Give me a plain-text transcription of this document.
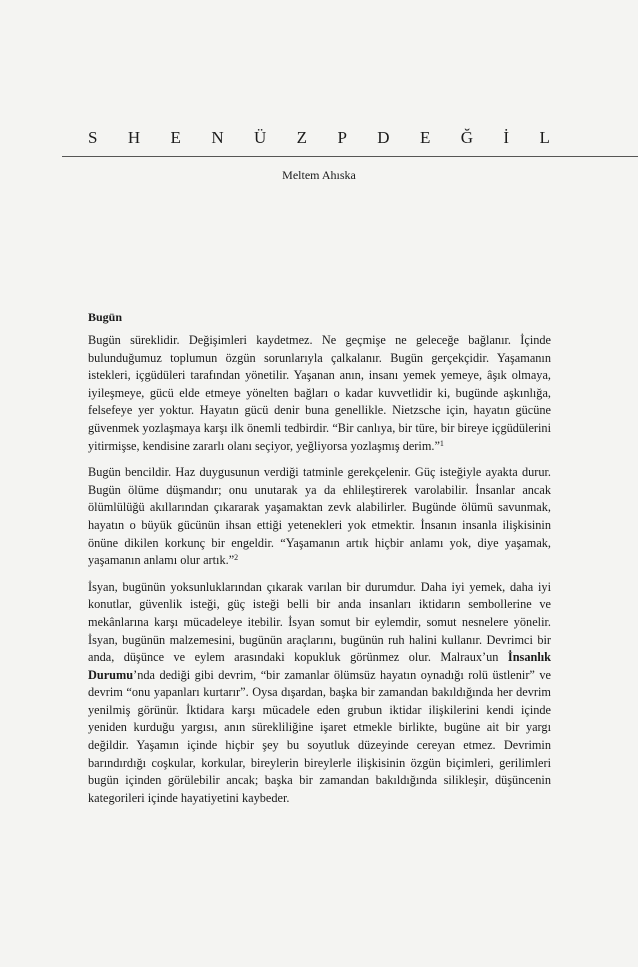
S H E N Ü Z P D E Ğ İ L
Meltem Ahıska
Bugün

Bugün süreklidir. Değişimleri kaydetmez. Ne geçmişe ne geleceğe bağlanır. İçinde bulunduğumuz toplumun özgün sorunlarıyla çalkalanır. Bugün gerçekçidir. Yaşamanın istekleri, içgüdüleri tarafından yönetilir. Yaşanan anın, insanı yemek yemeye, âşık olmaya, iyileşmeye, gücü elde etmeye yönelten bağları o kadar kuvvetlidir ki, bugünde aşkınlığa, felsefeye yer yoktur. Hayatın gücü denir buna genellikle. Nietzsche için, hayatın gücüne güvenmek yozlaşmaya karşı ilk önemli tedbirdir. “Bir canlıya, bir türe, bir bireye içgüdülerini yitirmişse, kendisine zararlı olanı seçiyor, yeğliyorsa yozlaşmış derim.”$^1$

Bugün bencildir. Haz duygusunun verdiği tatminle gerekçelenir. Güç isteğiyle ayakta durur. Bugün ölüme düşmandır; onu unutarak ya da ehlileştirerek varolabilir. İnsanlar ancak ölümlülüğü akıllarından çıkararak yaşamaktan zevk alabilirler. Bugünde ölümü savunmak, hayatın o büyük gücünün ihsan ettiği yetenekleri yok etmektir. İnsanın insanla ilişkisinin önüne dikilen korkunç bir engeldir. “Yaşamanın artık hiçbir anlamı yok, diye yaşamak, yaşamanın anlamı olur artık.”$^2$

İsyan, bugünün yoksunluklarından çıkarak varılan bir durumdur. Daha iyi yemek, daha iyi konutlar, güvenlik isteği, güç isteği belli bir anda insanları iktidarın sembollerine ve mekânlarına karşı mücadeleye itebilir. İsyan somut bir eylemdir, somut nesnelere yönelir. İsyan, bugünün malzemesini, bugünün araçlarını, bugünün ruh halini kullanır. Devrimci bir anda, düşünce ve eylem arasındaki kopukluk görünmez olur. Malraux’un İnsanlık Durumu’nda dediği gibi devrim, “bir zamanlar ölümsüz hayatın oynadığı rolü üstlenir” ve devrim “onu yapanları kurtarır”. Oysa dışardan, başka bir zamandan bakıldığında her devrim yenilmiş görünür. İktidara karşı mücadele eden grubun iktidar ilişkilerini kendi içinde yeniden kurduğu yargısı, anın sürekliliğine işaret etmekle birlikte, bugüne ait bir yargı değildir. Yaşamın içinde hiçbir şey bu soyutluk düzeyinde cereyan etmez. Devrimin barındırdığı coşkular, korkular, bireylerin bireylerle ilişkisinin özgün biçimleri, gerilimleri bugün içinden görülebilir ancak; başka bir zamandan bakıldığında silikleşir, düşüncenin kategorileri içinde hayatiyetini kaybeder.
